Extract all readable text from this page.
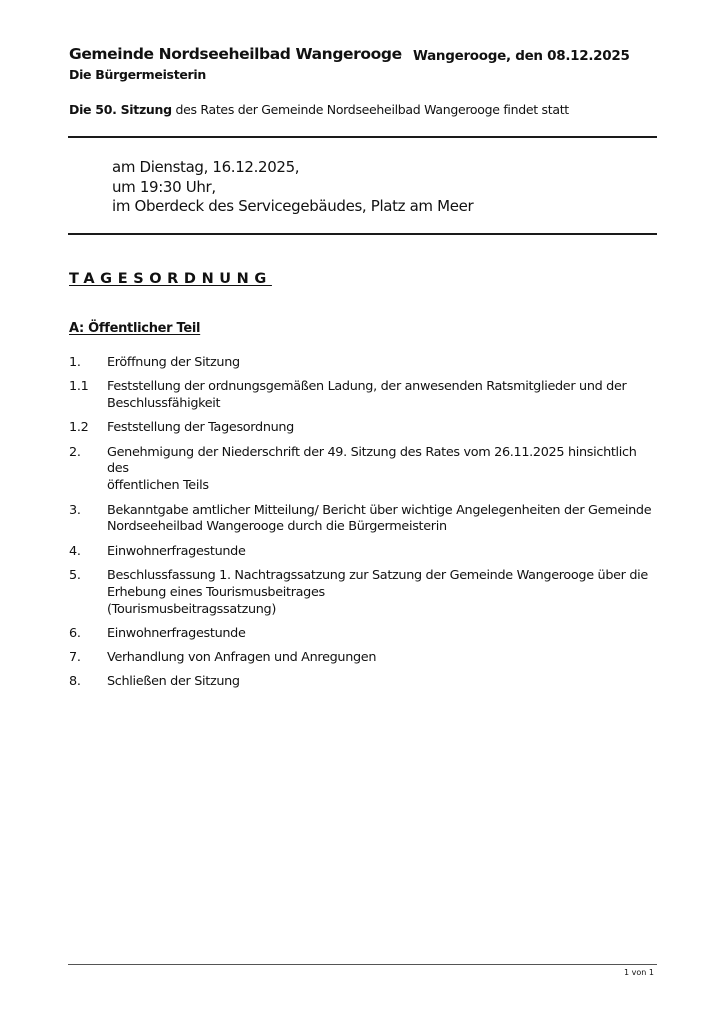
Gemeinde Nordseeheilbad Wangerooge Wangerooge, den 08.12.2025
Die Bürgermeisterin
Die 50. Sitzung des Rates der Gemeinde Nordseeheilbad Wangerooge findet statt
am Dienstag, 16.12.2025,
um 19:30 Uhr,
im Oberdeck des Servicegebäudes, Platz am Meer
TAGESORDNUNG
A: Öffentlicher Teil
1.	Eröffnung der Sitzung
1.1	Feststellung der ordnungsgemäßen Ladung, der anwesenden Ratsmitglieder und der
Beschlussfähigkeit
1.2	Feststellung der Tagesordnung
2.	Genehmigung der Niederschrift der 49. Sitzung des Rates vom 26.11.2025 hinsichtlich des
öffentlichen Teils
3.	Bekanntgabe amtlicher Mitteilung/ Bericht über wichtige Angelegenheiten der Gemeinde
Nordseeheilbad Wangerooge durch die Bürgermeisterin
4.	Einwohnerfragestunde
5.	Beschlussfassung 1. Nachtragssatzung zur Satzung der Gemeinde Wangerooge über die
Erhebung eines Tourismusbeitrages
(Tourismusbeitragssatzung)
6.	Einwohnerfragestunde
7.	Verhandlung von Anfragen und Anregungen
8.	Schließen der Sitzung
1 von 1
